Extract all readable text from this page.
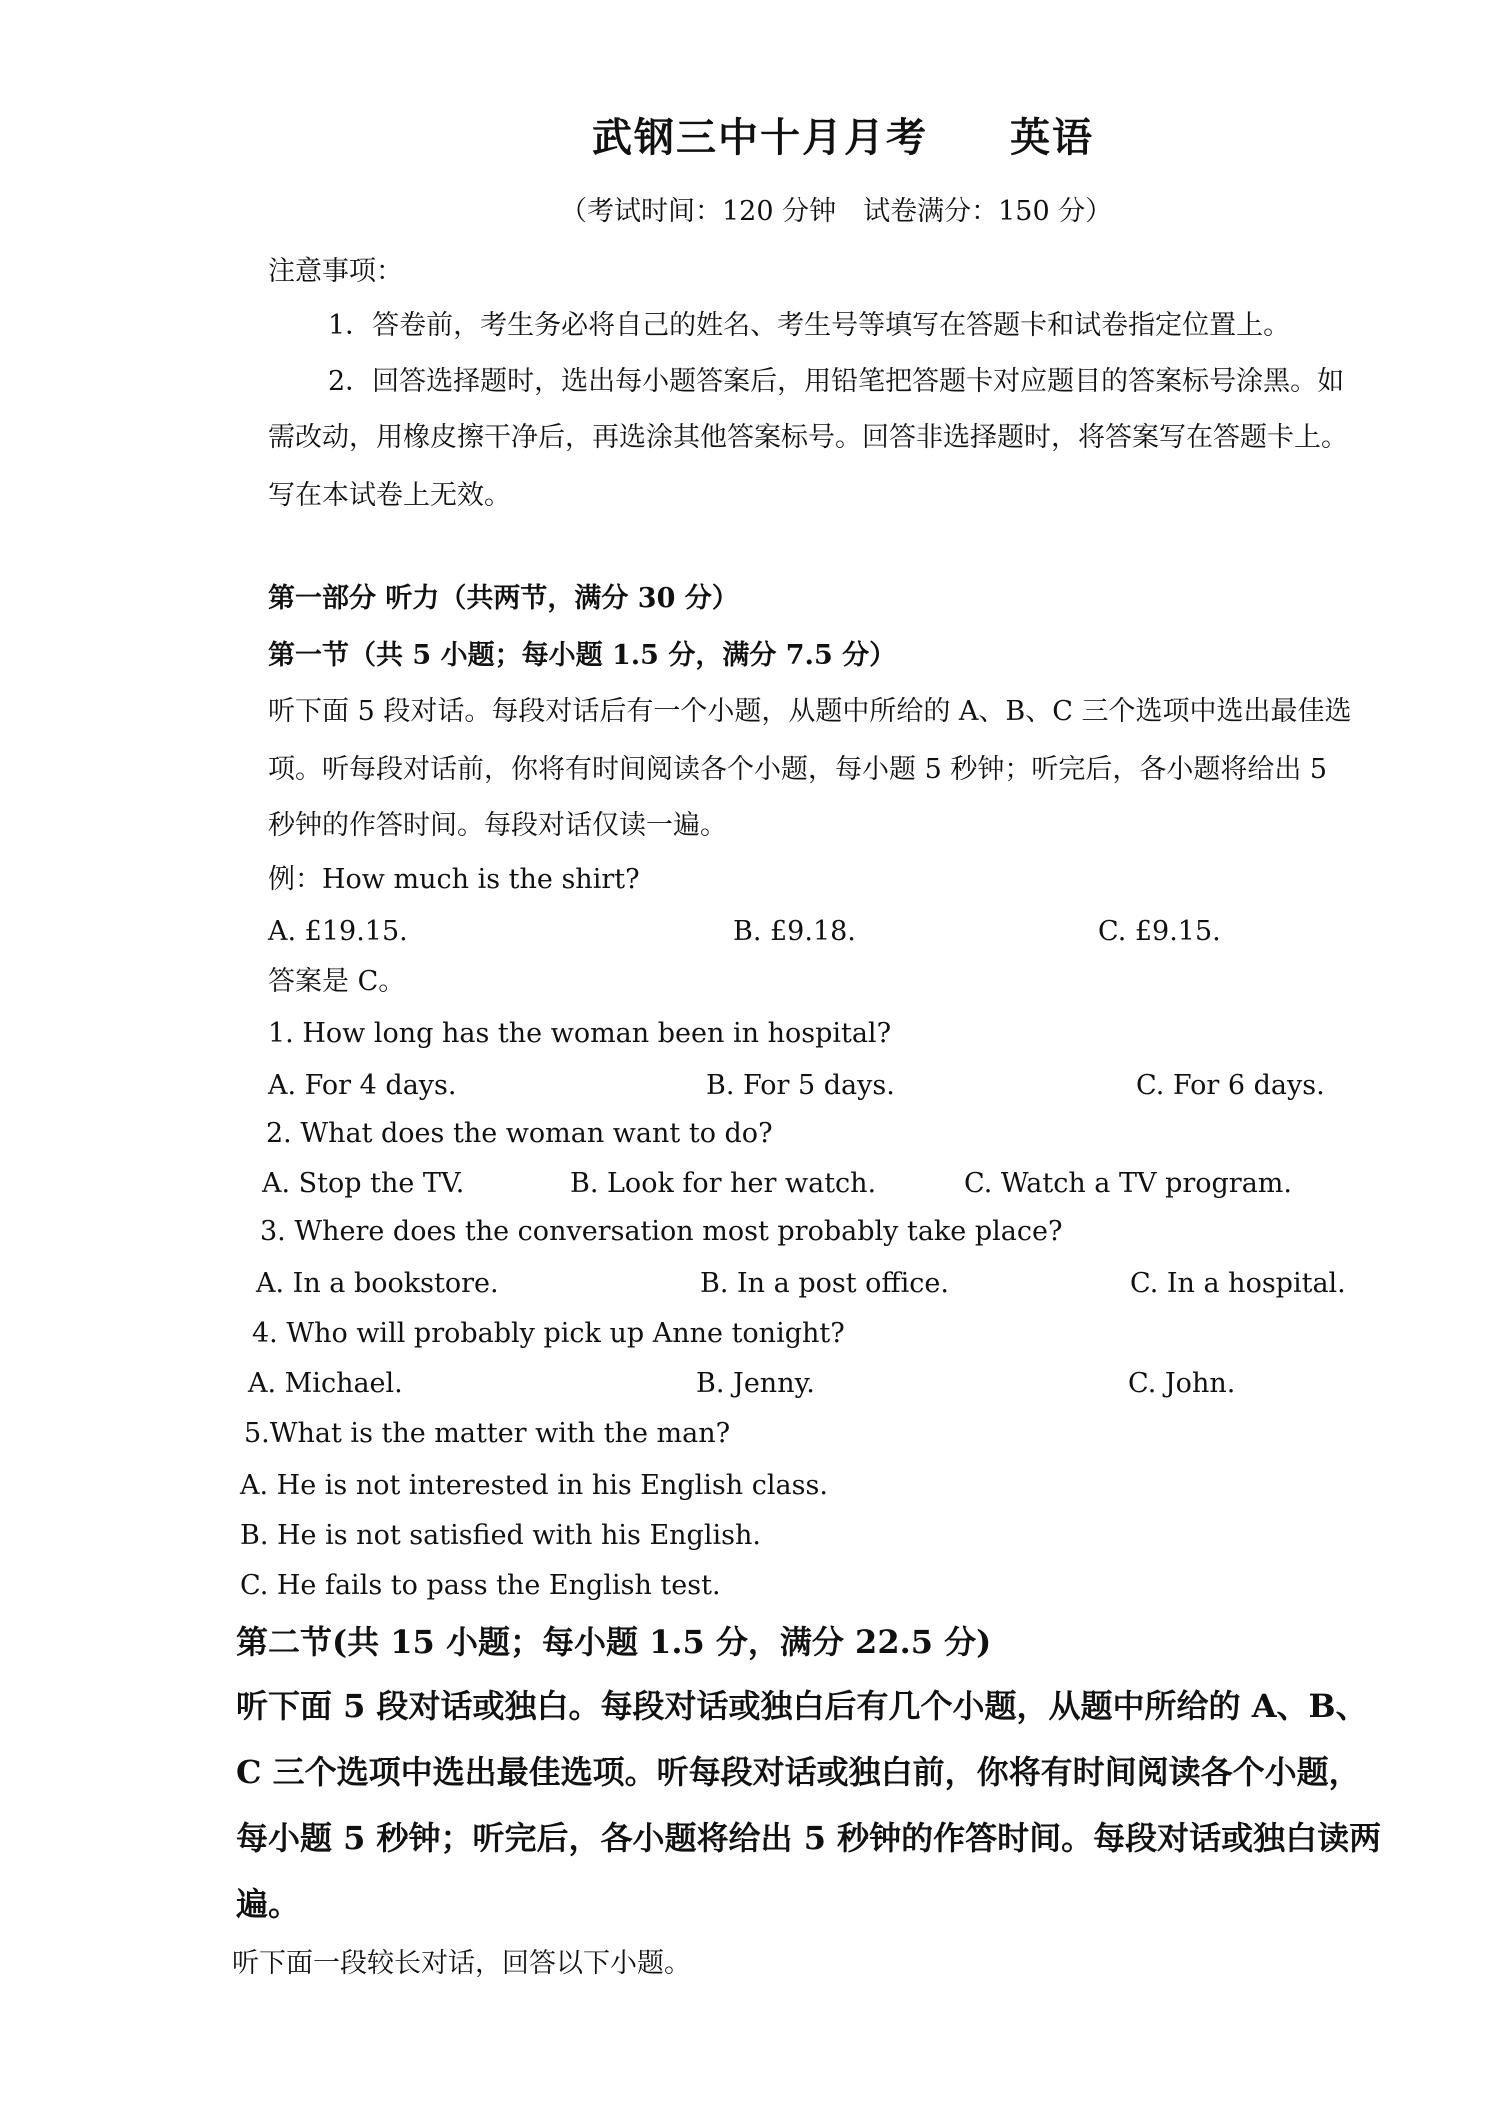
武钢三中十月月考 英语
（考试时间：120 分钟　试卷满分：150 分）
注意事项：
1．答卷前，考生务必将自己的姓名、考生号等填写在答题卡和试卷指定位置上。
2．回答选择题时，选出每小题答案后，用铅笔把答题卡对应题目的答案标号涂黑。如
需改动，用橡皮擦干净后，再选涂其他答案标号。回答非选择题时，将答案写在答题卡上。
写在本试卷上无效。
第一部分 听力（共两节，满分 30 分）
第一节（共 5 小题；每小题 1.5 分，满分 7.5 分）
听下面 5 段对话。每段对话后有一个小题，从题中所给的 A、B、C 三个选项中选出最佳选
项。听每段对话前，你将有时间阅读各个小题，每小题 5 秒钟；听完后，各小题将给出 5
秒钟的作答时间。每段对话仅读一遍。
例：How much is the shirt?
A. £19.15.	B. £9.18.	C. £9.15.
答案是 C。
1. How long has the woman been in hospital?
A. For 4 days.	B. For 5 days.	C. For 6 days.
2. What does the woman want to do?
A. Stop the TV.	B. Look for her watch.	C. Watch a TV program.
3. Where does the conversation most probably take place?
A. In a bookstore.	B. In a post office.	C. In a hospital.
4. Who will probably pick up Anne tonight?
A. Michael.	B. Jenny.	C. John.
5.What is the matter with the man?
A. He is not interested in his English class.
B. He is not satisfied with his English.
C. He fails to pass the English test.
第二节(共 15 小题；每小题 1.5 分，满分 22.5 分)
听下面 5 段对话或独白。每段对话或独白后有几个小题，从题中所给的 A、B、
C 三个选项中选出最佳选项。听每段对话或独白前，你将有时间阅读各个小题，
每小题 5 秒钟；听完后，各小题将给出 5 秒钟的作答时间。每段对话或独白读两
遍。
听下面一段较长对话，回答以下小题。
